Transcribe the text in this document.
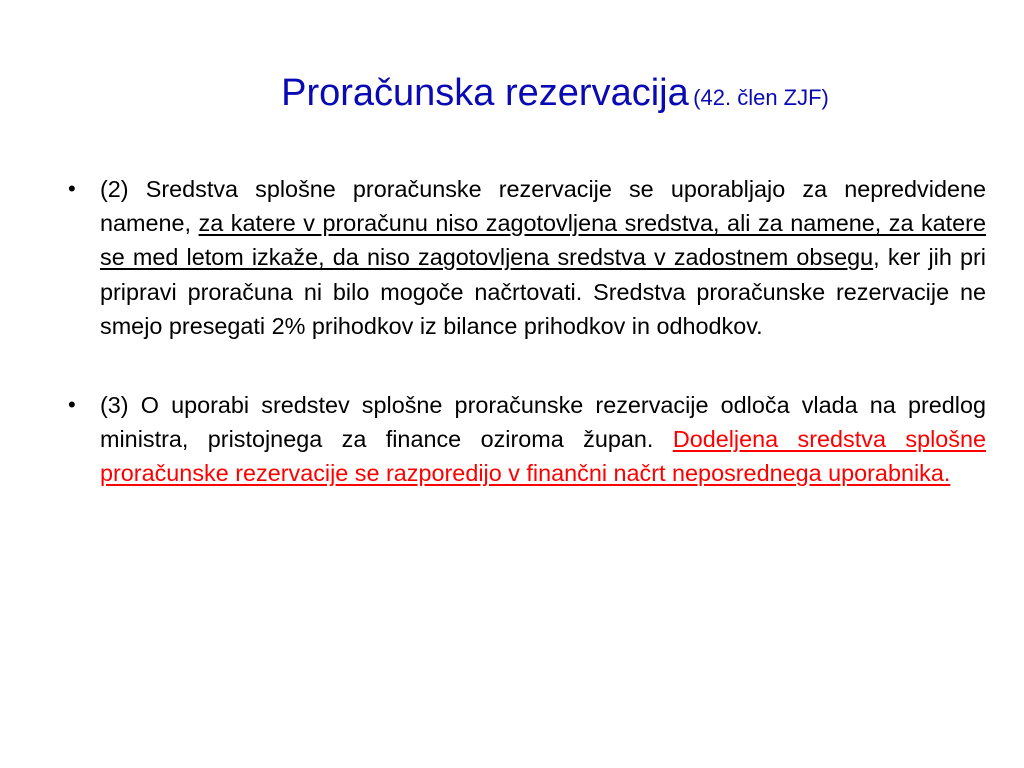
Proračunska rezervacija (42. člen ZJF)
• (2) Sredstva splošne proračunske rezervacije se uporabljajo za nepredvidene namene, za katere v proračunu niso zagotovljena sredstva, ali za namene, za katere se med letom izkaže, da niso zagotovljena sredstva v zadostnem obsegu, ker jih pri pripravi proračuna ni bilo mogoče načrtovati. Sredstva proračunske rezervacije ne smejo presegati 2% prihodkov iz bilance prihodkov in odhodkov.
• (3) O uporabi sredstev splošne proračunske rezervacije odloča vlada na predlog ministra, pristojnega za finance oziroma župan. Dodeljena sredstva splošne proračunske rezervacije se razporedijo v finančni načrt neposrednega uporabnika.
